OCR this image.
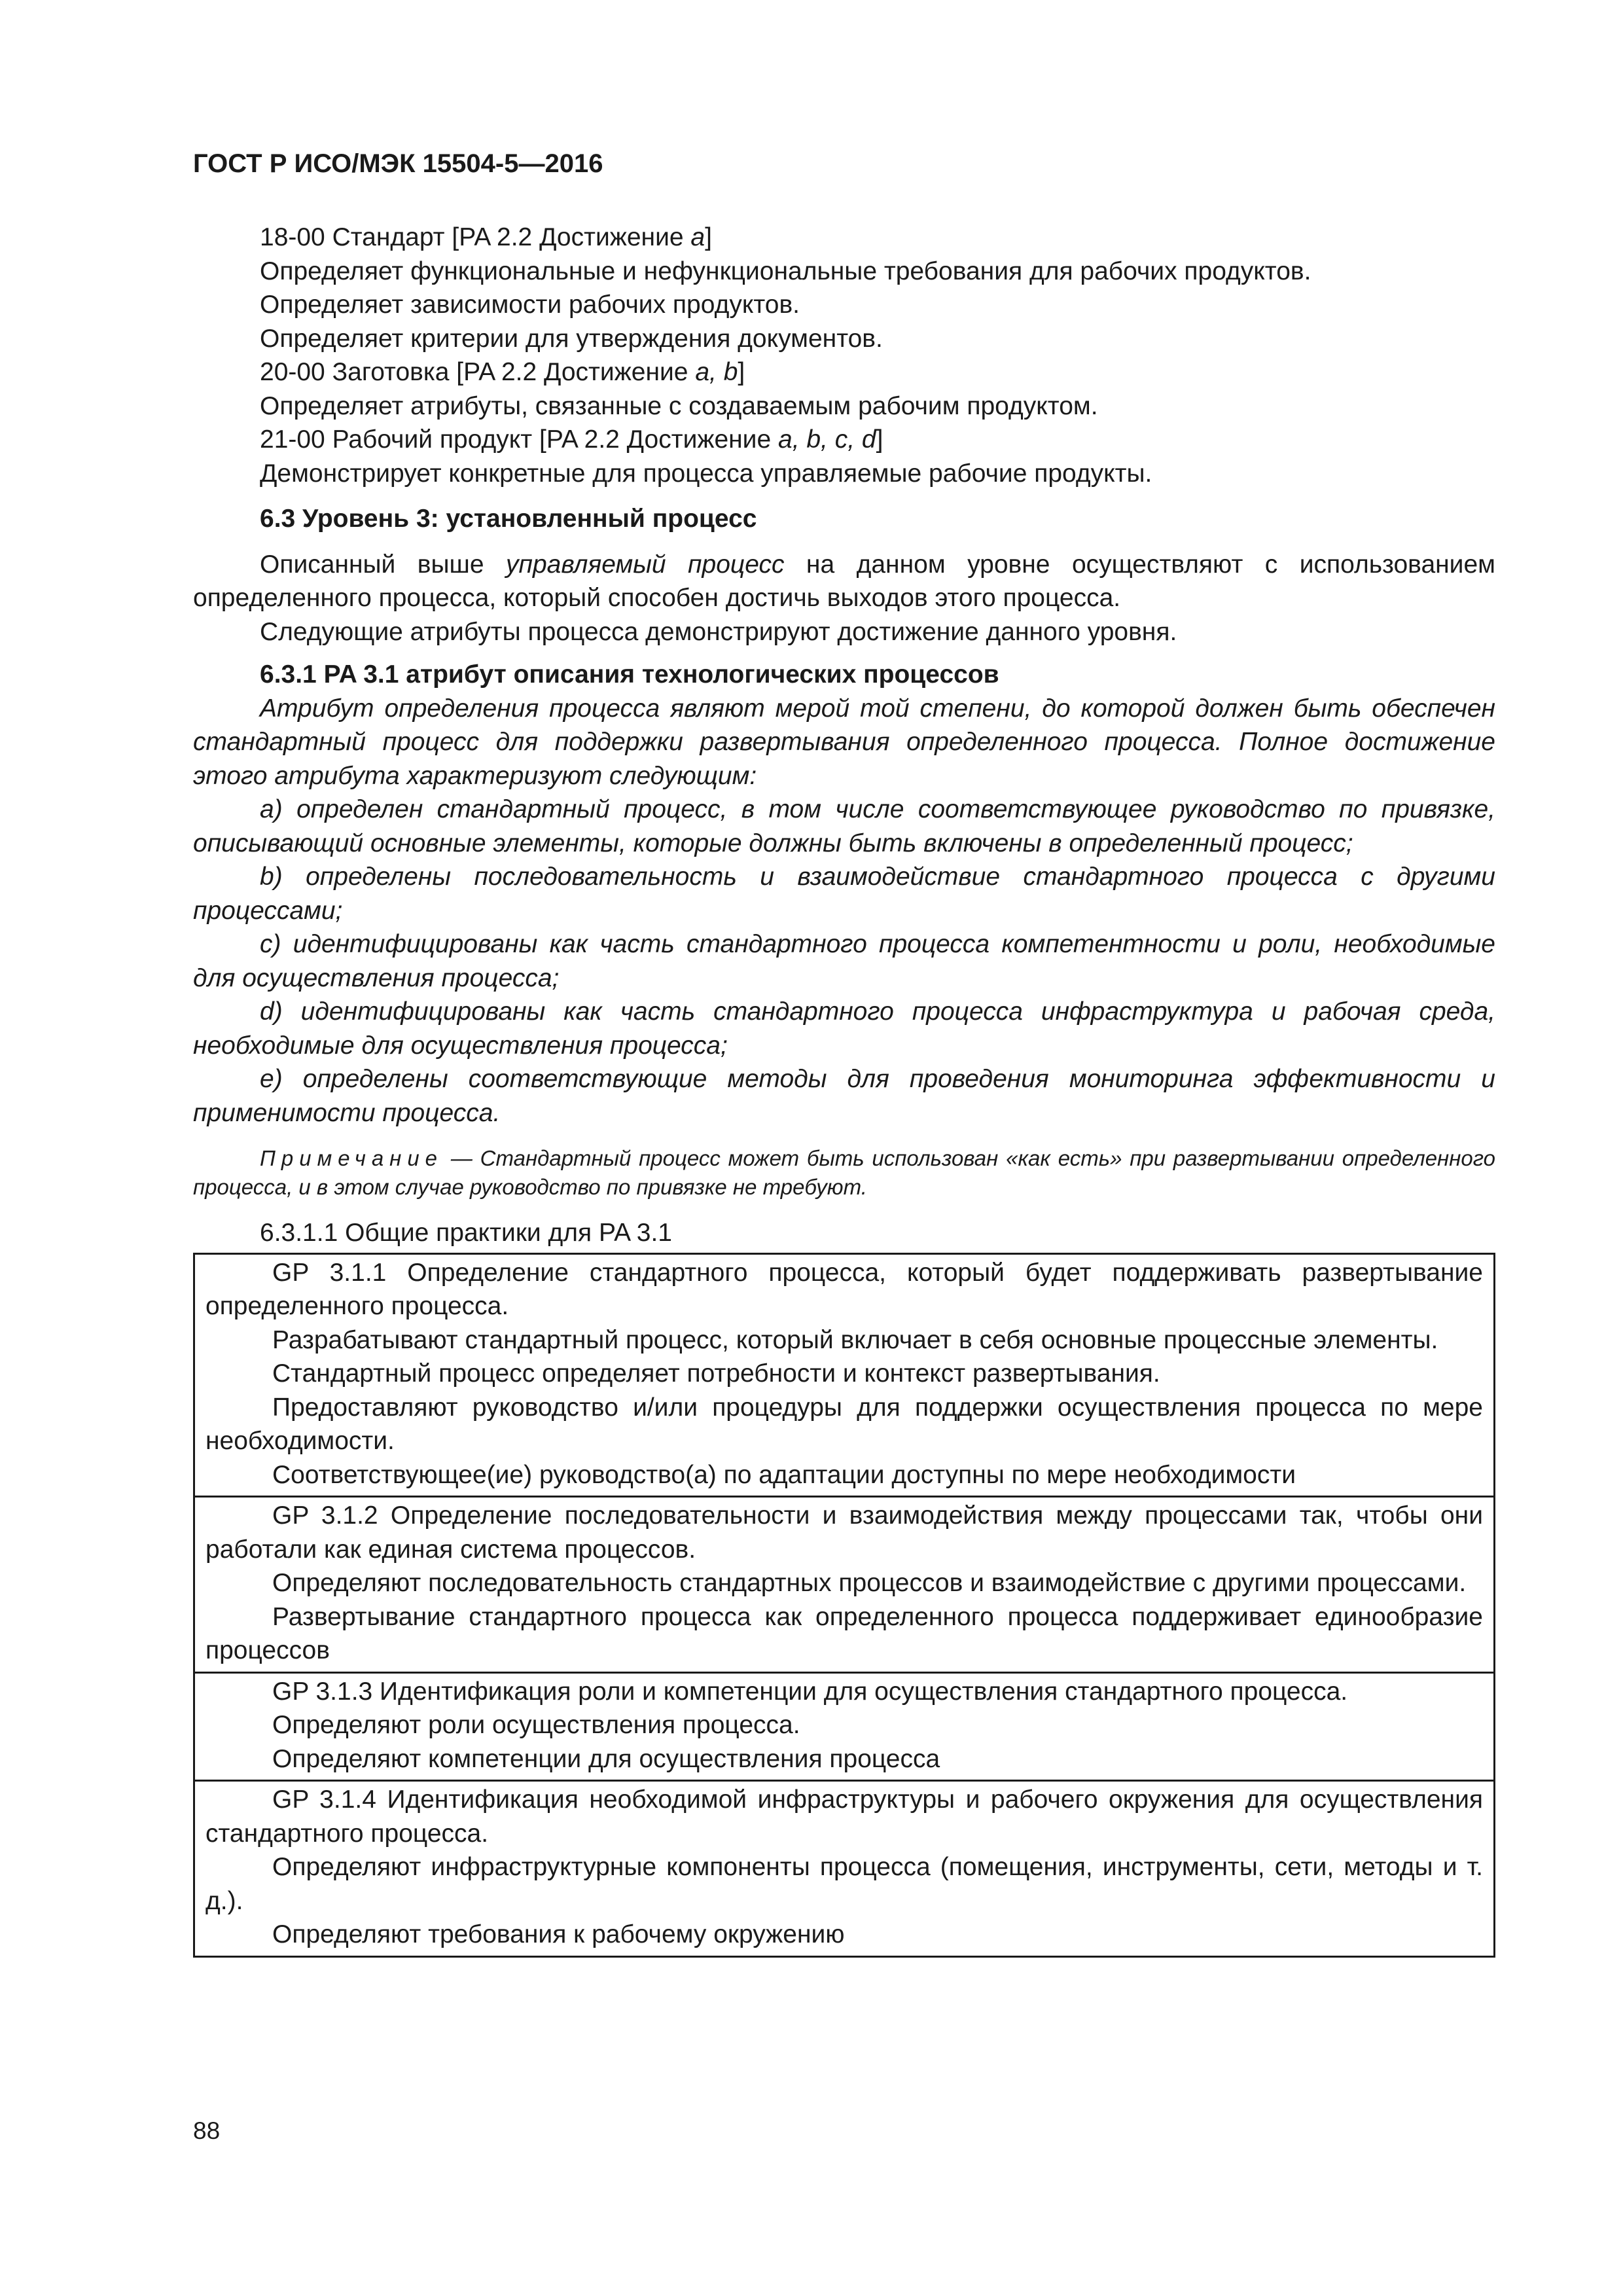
ГОСТ Р ИСО/МЭК 15504-5—2016

18-00 Стандарт [PA 2.2 Достижение a]

Определяет функциональные и нефункциональные требования для рабочих продуктов.

Определяет зависимости рабочих продуктов.

Определяет критерии для утверждения документов.

20-00 Заготовка [PA 2.2 Достижение a, b]

Определяет атрибуты, связанные с создаваемым рабочим продуктом.

21-00 Рабочий продукт [PA 2.2 Достижение a, b, c, d]

Демонстрирует конкретные для процесса управляемые рабочие продукты.

6.3 Уровень 3: установленный процесс

Описанный выше управляемый процесс на данном уровне осуществляют с использованием определенного процесса, который способен достичь выходов этого процесса.

Следующие атрибуты процесса демонстрируют достижение данного уровня.

6.3.1 PA 3.1 атрибут описания технологических процессов

Атрибут определения процесса являют мерой той степени, до которой должен быть обеспечен стандартный процесс для поддержки развертывания определенного процесса. Полное достижение этого атрибута характеризуют следующим:

a) определен стандартный процесс, в том числе соответствующее руководство по привязке, описывающий основные элементы, которые должны быть включены в определенный процесс;

b) определены последовательность и взаимодействие стандартного процесса с другими процессами;

c) идентифицированы как часть стандартного процесса компетентности и роли, необходимые для осуществления процесса;

d) идентифицированы как часть стандартного процесса инфраструктура и рабочая среда, необходимые для осуществления процесса;

e) определены соответствующие методы для проведения мониторинга эффективности и применимости процесса.

Примечание — Стандартный процесс может быть использован «как есть» при развертывании определенного процесса, и в этом случае руководство по привязке не требуют.

6.3.1.1 Общие практики для PA 3.1

GP 3.1.1 Определение стандартного процесса, который будет поддерживать развертывание определенного процесса.

Разрабатывают стандартный процесс, который включает в себя основные процессные элементы.

Стандартный процесс определяет потребности и контекст развертывания.

Предоставляют руководство и/или процедуры для поддержки осуществления процесса по мере необходимости.

Соответствующее(ие) руководство(а) по адаптации доступны по мере необходимости

GP 3.1.2 Определение последовательности и взаимодействия между процессами так, чтобы они работали как единая система процессов.

Определяют последовательность стандартных процессов и взаимодействие с другими процессами.

Развертывание стандартного процесса как определенного процесса поддерживает единообразие процессов

GP 3.1.3 Идентификация роли и компетенции для осуществления стандартного процесса.

Определяют роли осуществления процесса.

Определяют компетенции для осуществления процесса

GP 3.1.4 Идентификация необходимой инфраструктуры и рабочего окружения для осуществления стандартного процесса.

Определяют инфраструктурные компоненты процесса (помещения, инструменты, сети, методы и т. д.).

Определяют требования к рабочему окружению

88
